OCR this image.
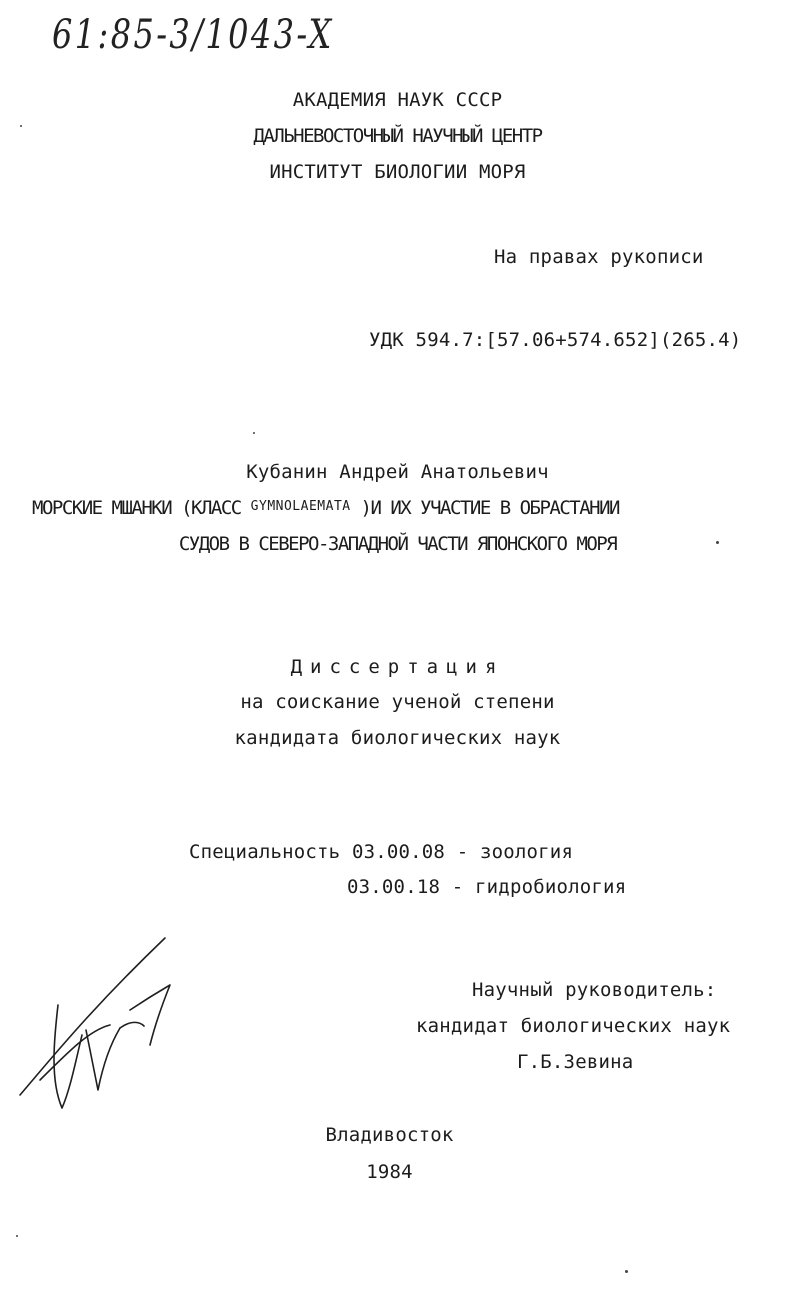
61:85-3/1043-X
АКАДЕМИЯ НАУК СССР
ДАЛЬНЕВОСТОЧНЫЙ НАУЧНЫЙ ЦЕНТР
ИНСТИТУТ БИОЛОГИИ МОРЯ
На правах рукописи
УДК 594.7:[57.06+574.652](265.4)
Кубанин Андрей Анатольевич
МОРСКИЕ МШАНКИ (КЛАСС $^{GYMNOLAEMATA}$ )И ИХ УЧАСТИЕ В ОБРАСТАНИИ
СУДОВ В СЕВЕРО-ЗАПАДНОЙ ЧАСТИ ЯПОНСКОГО МОРЯ
Диссертация
на соискание ученой степени
кандидата биологических наук
Специальность 03.00.08 - зоология
03.00.18 - гидробиология
Научный руководитель:
кандидат биологических наук
Г.Б.Зевина
Владивосток
1984
